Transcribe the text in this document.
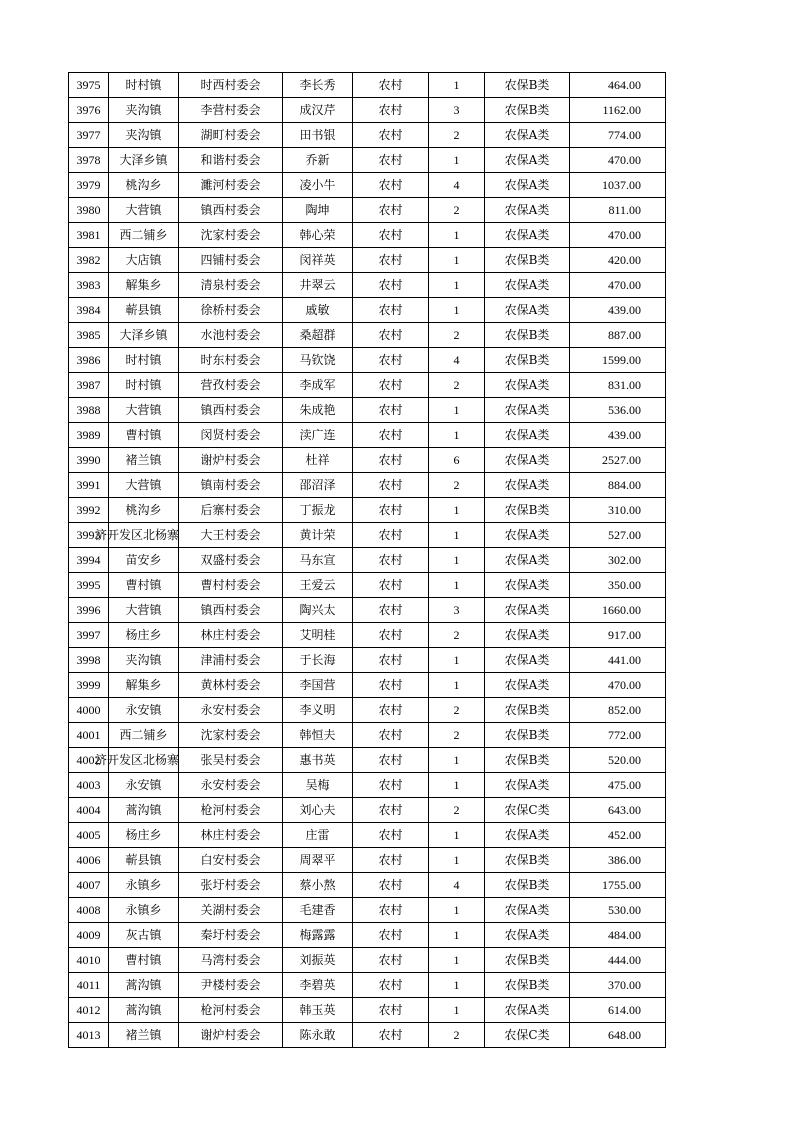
3975	时村镇	时西村委会	李长秀	农村	1	农保B类	464.00
3976	夹沟镇	李营村委会	成汉芹	农村	3	农保B类	1162.00
3977	夹沟镇	湖町村委会	田书银	农村	2	农保A类	774.00
3978	大泽乡镇	和谐村委会	乔新	农村	1	农保A类	470.00
3979	桃沟乡	濉河村委会	凌小牛	农村	4	农保A类	1037.00
3980	大营镇	镇西村委会	陶坤	农村	2	农保A类	811.00
3981	西二铺乡	沈家村委会	韩心荣	农村	1	农保A类	470.00
3982	大店镇	四铺村委会	闵祥英	农村	1	农保B类	420.00
3983	解集乡	清泉村委会	井翠云	农村	1	农保A类	470.00
3984	蕲县镇	徐桥村委会	戚敏	农村	1	农保A类	439.00
3985	大泽乡镇	水池村委会	桑超群	农村	2	农保B类	887.00
3986	时村镇	时东村委会	马钦饶	农村	4	农保B类	1599.00
3987	时村镇	营孜村委会	李成军	农村	2	农保A类	831.00
3988	大营镇	镇西村委会	朱成艳	农村	1	农保A类	536.00
3989	曹村镇	闵贤村委会	渎广连	农村	1	农保A类	439.00
3990	褚兰镇	谢炉村委会	杜祥	农村	6	农保A类	2527.00
3991	大营镇	镇南村委会	邵沼泽	农村	2	农保A类	884.00
3992	桃沟乡	后寨村委会	丁振龙	农村	1	农保B类	310.00
3993	济开发区北杨寨	大王村委会	黄计荣	农村	1	农保A类	527.00
3994	苗安乡	双盛村委会	马东宣	农村	1	农保A类	302.00
3995	曹村镇	曹村村委会	王爱云	农村	1	农保A类	350.00
3996	大营镇	镇西村委会	陶兴太	农村	3	农保A类	1660.00
3997	杨庄乡	林庄村委会	艾明桂	农村	2	农保A类	917.00
3998	夹沟镇	津浦村委会	于长海	农村	1	农保A类	441.00
3999	解集乡	黄林村委会	李国营	农村	1	农保A类	470.00
4000	永安镇	永安村委会	李义明	农村	2	农保B类	852.00
4001	西二铺乡	沈家村委会	韩恒夫	农村	2	农保B类	772.00
4002	济开发区北杨寨	张吴村委会	惠书英	农村	1	农保B类	520.00
4003	永安镇	永安村委会	吴梅	农村	1	农保A类	475.00
4004	蒿沟镇	枪河村委会	刘心夫	农村	2	农保C类	643.00
4005	杨庄乡	林庄村委会	庄雷	农村	1	农保A类	452.00
4006	蕲县镇	白安村委会	周翠平	农村	1	农保B类	386.00
4007	永镇乡	张圩村委会	蔡小熬	农村	4	农保B类	1755.00
4008	永镇乡	关湖村委会	毛建香	农村	1	农保A类	530.00
4009	灰古镇	秦圩村委会	梅露露	农村	1	农保A类	484.00
4010	曹村镇	马湾村委会	刘振英	农村	1	农保B类	444.00
4011	蒿沟镇	尹楼村委会	李碧英	农村	1	农保B类	370.00
4012	蒿沟镇	枪河村委会	韩玉英	农村	1	农保A类	614.00
4013	褚兰镇	谢炉村委会	陈永敢	农村	2	农保C类	648.00
